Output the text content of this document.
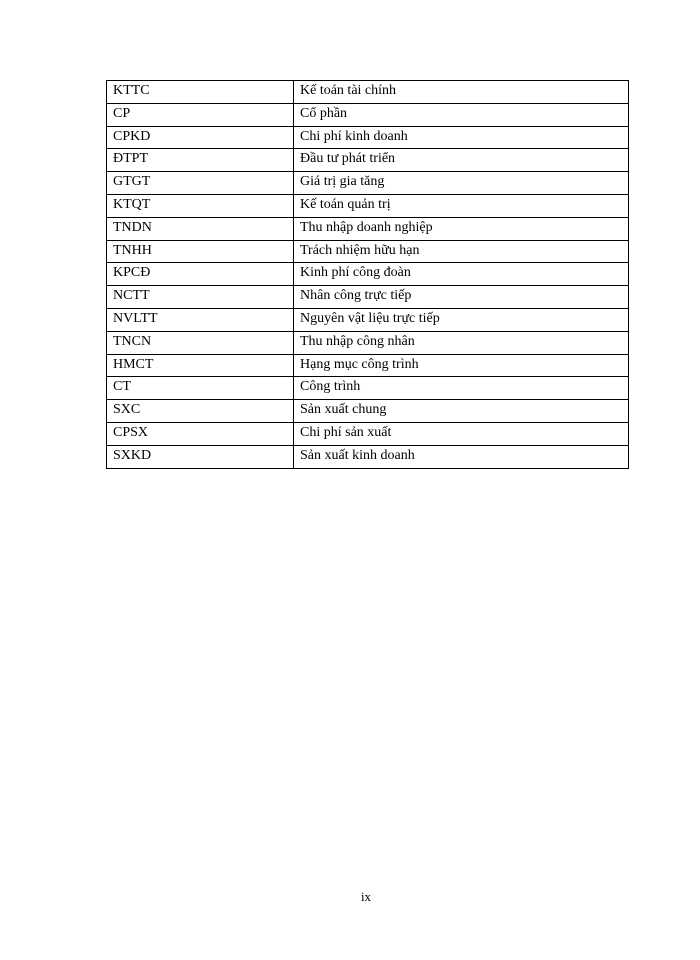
KTTC	Kế toán tài chính
CP	Cổ phần
CPKD	Chi phí kinh doanh
ĐTPT	Đầu tư phát triển
GTGT	Giá trị gia tăng
KTQT	Kế toán quản trị
TNDN	Thu nhập doanh nghiệp
TNHH	Trách nhiệm hữu hạn
KPCĐ	Kinh phí công đoàn
NCTT	Nhân công trực tiếp
NVLTT	Nguyên vật liệu trực tiếp
TNCN	Thu nhập công nhân
HMCT	Hạng mục công trình
CT	Công trình
SXC	Sản xuất chung
CPSX	Chi phí sản xuất
SXKD	Sản xuất kinh doanh
ix
